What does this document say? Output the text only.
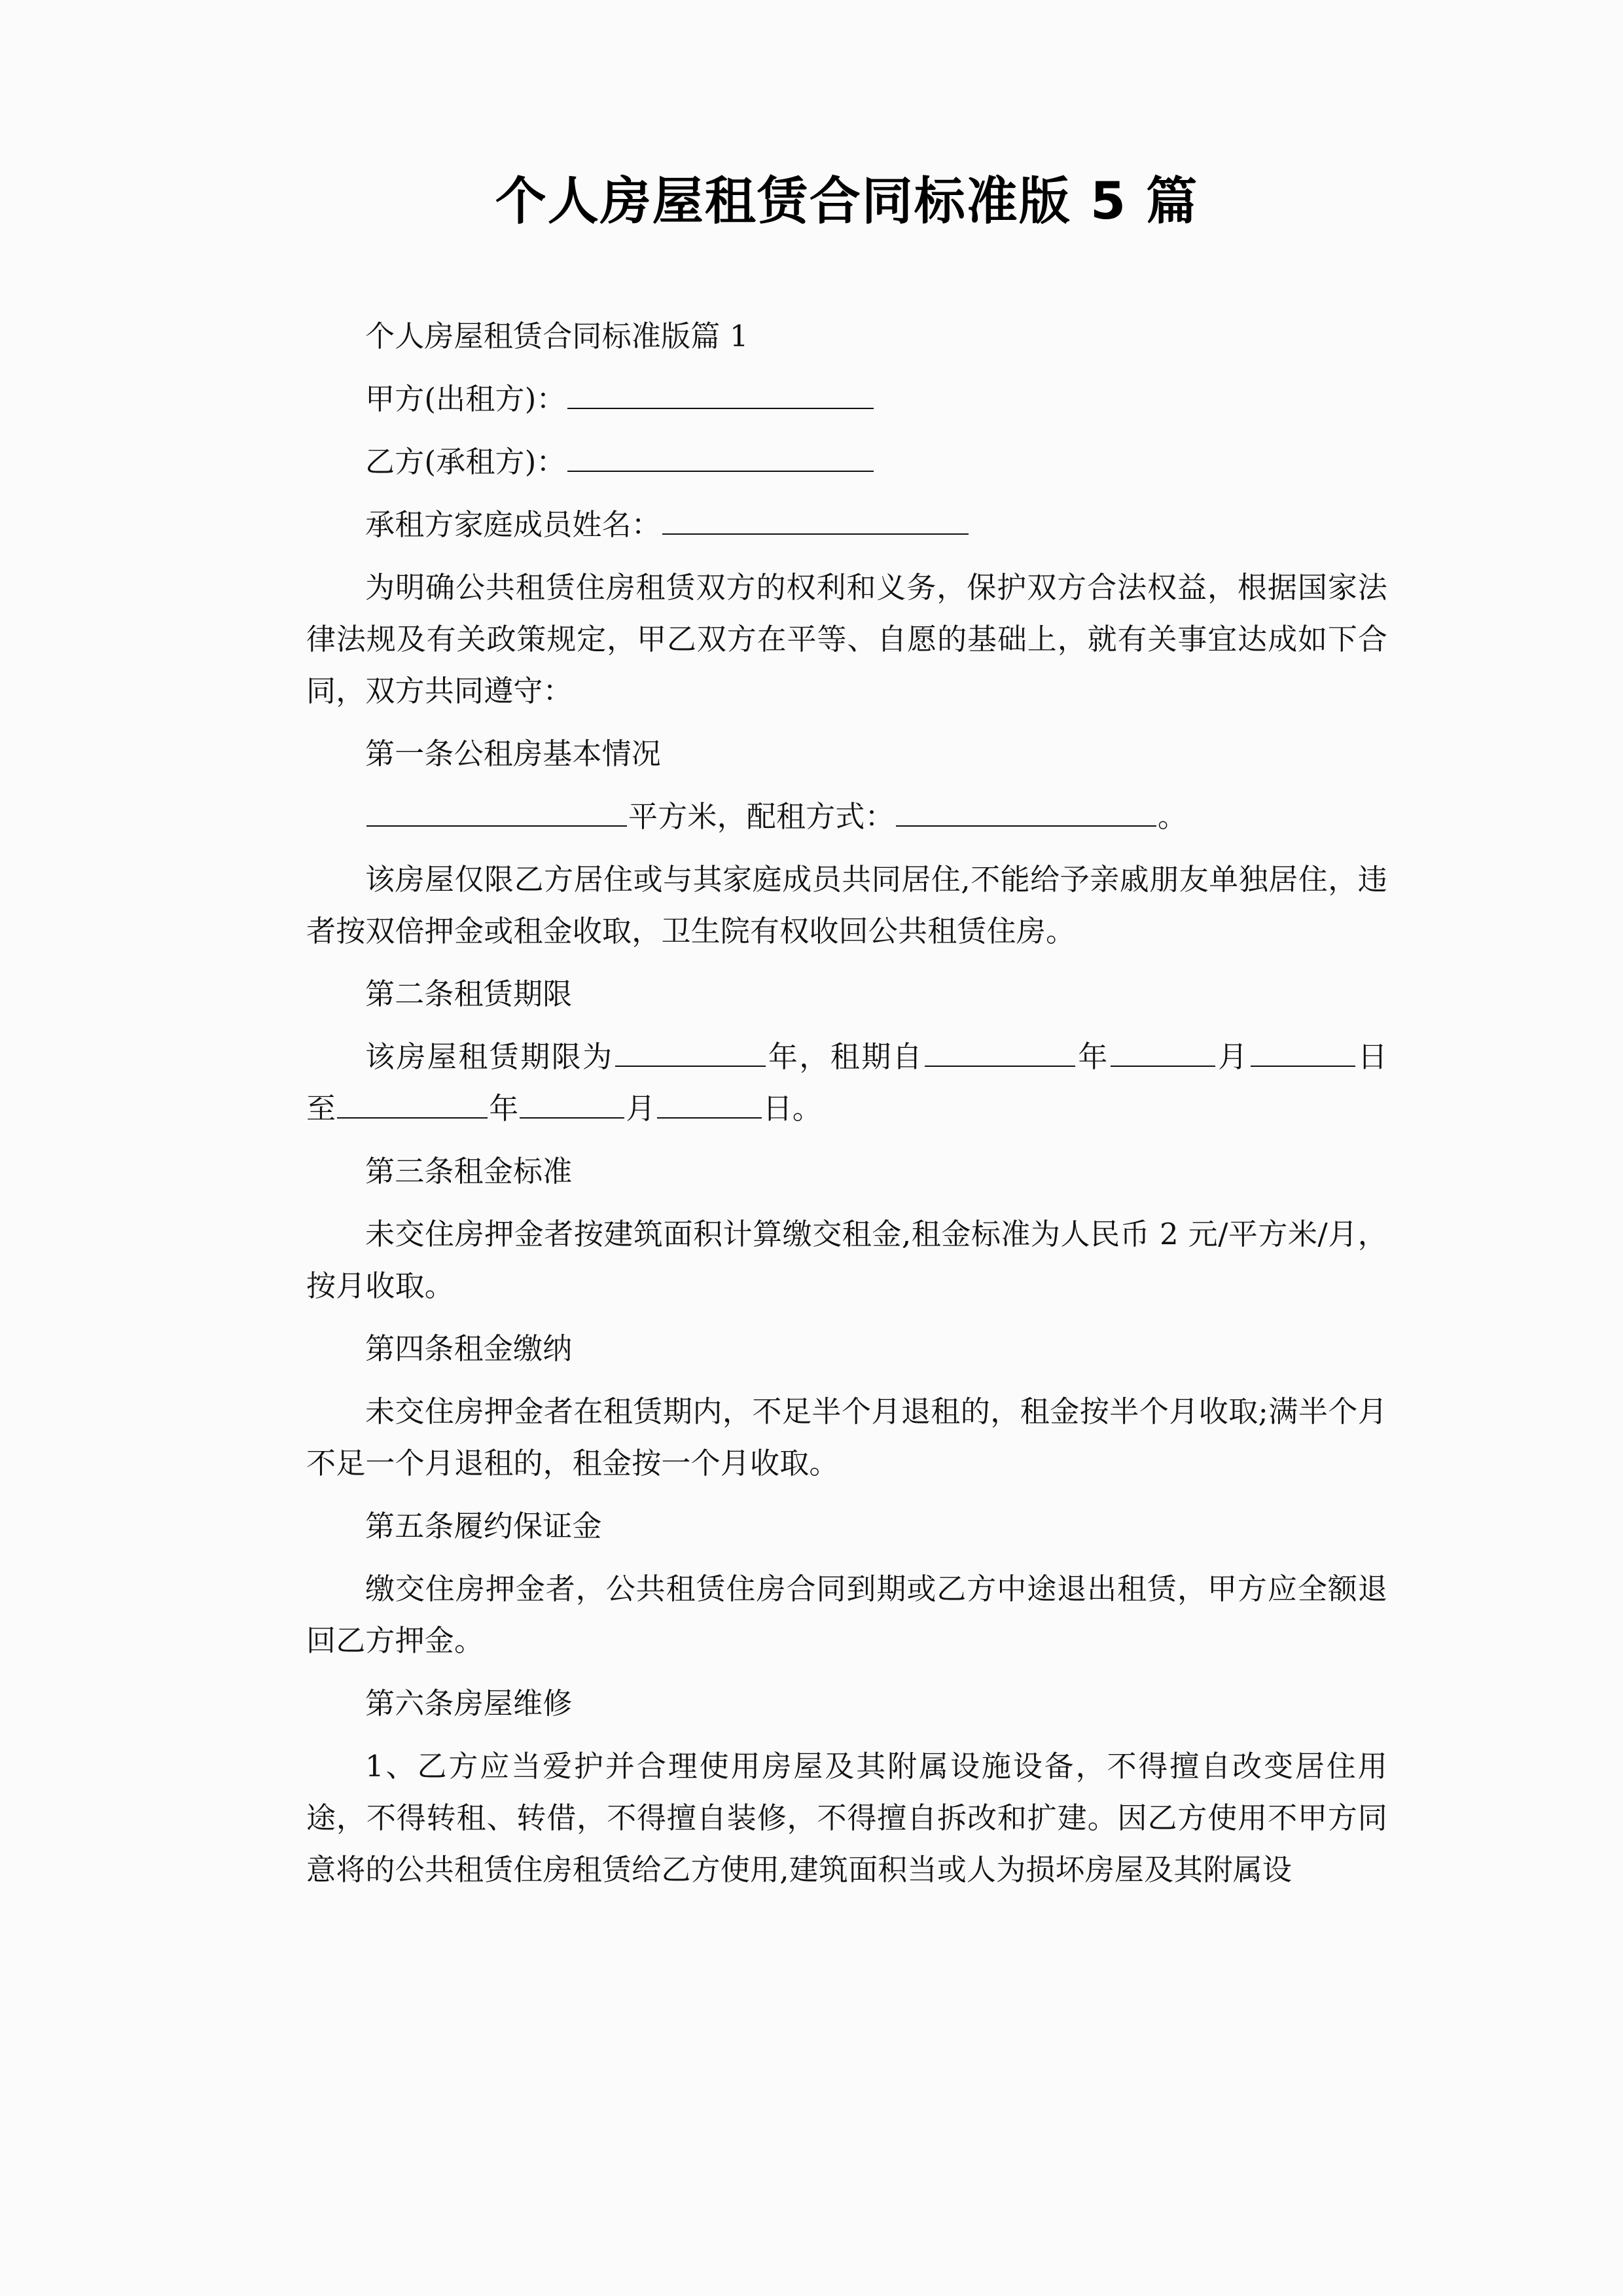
个人房屋租赁合同标准版 5 篇

个人房屋租赁合同标准版篇 1

甲方(出租方)：

乙方(承租方)：

承租方家庭成员姓名：

为明确公共租赁住房租赁双方的权利和义务，保护双方合法权益，根据国家法律法规及有关政策规定，甲乙双方在平等、自愿的基础上，就有关事宜达成如下合同，双方共同遵守：

第一条公租房基本情况

平方米，配租方式：	。

该房屋仅限乙方居住或与其家庭成员共同居住,不能给予亲戚朋友单独居住，违者按双倍押金或租金收取，卫生院有权收回公共租赁住房。

第二条租赁期限

该房屋租赁期限为	年，租期自	年	月	日至	年	月	日。

第三条租金标准

未交住房押金者按建筑面积计算缴交租金,租金标准为人民币 2 元/平方米/月，按月收取。

第四条租金缴纳

未交住房押金者在租赁期内，不足半个月退租的，租金按半个月收取;满半个月不足一个月退租的，租金按一个月收取。

第五条履约保证金

缴交住房押金者，公共租赁住房合同到期或乙方中途退出租赁，甲方应全额退回乙方押金。

第六条房屋维修

1、乙方应当爱护并合理使用房屋及其附属设施设备，不得擅自改变居住用途，不得转租、转借，不得擅自装修，不得擅自拆改和扩建。因乙方使用不甲方同意将的公共租赁住房租赁给乙方使用,建筑面积当或人为损坏房屋及其附属设
